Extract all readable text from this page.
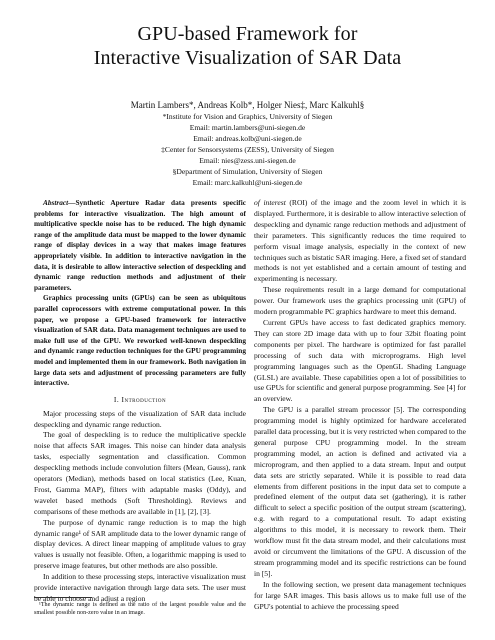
GPU-based Framework for
Interactive Visualization of SAR Data
Martin Lambers*, Andreas Kolb*, Holger Nies‡, Marc Kalkuhl§
*Institute for Vision and Graphics, University of Siegen
Email: martin.lambers@uni-siegen.de
Email: andreas.kolb@uni-siegen.de
‡Center for Sensorsystems (ZESS), University of Siegen
Email: nies@zess.uni-siegen.de
§Department of Simulation, University of Siegen
Email: marc.kalkuhl@uni-siegen.de

Abstract—Synthetic Aperture Radar data presents specific problems for interactive visualization. The high amount of multiplicative speckle noise has to be reduced. The high dynamic range of the amplitude data must be mapped to the lower dynamic range of display devices in a way that makes image features appropriately visible. In addition to interactive navigation in the data, it is desirable to allow interactive selection of despeckling and dynamic range reduction methods and adjustment of their parameters.

Graphics processing units (GPUs) can be seen as ubiquitous parallel coprocessors with extreme computational power. In this paper, we propose a GPU-based framework for interactive visualization of SAR data. Data management techniques are used to make full use of the GPU. We reworked well-known despeckling and dynamic range reduction techniques for the GPU programming model and implemented them in our framework. Both navigation in large data sets and adjustment of processing parameters are fully interactive.

I. Introduction

Major processing steps of the visualization of SAR data include despeckling and dynamic range reduction.

The goal of despeckling is to reduce the multiplicative speckle noise that affects SAR images. This noise can hinder data analysis tasks, especially segmentation and classification. Common despeckling methods include convolution filters (Mean, Gauss), rank operators (Median), methods based on local statistics (Lee, Kuan, Frost, Gamma MAP), filters with adaptable masks (Oddy), and wavelet based methods (Soft Thresholding). Reviews and comparisons of these methods are available in [1], [2], [3].

The purpose of dynamic range reduction is to map the high dynamic range¹ of SAR amplitude data to the lower dynamic range of display devices. A direct linear mapping of amplitude values to gray values is usually not feasible. Often, a logarithmic mapping is used to preserve image features, but other methods are also possible.

In addition to these processing steps, interactive visualization must provide interactive navigation through large data sets. The user must be able to choose and adjust a region

¹The dynamic range is defined as the ratio of the largest possible value and the smallest possible non-zero value in an image.

of interest (ROI) of the image and the zoom level in which it is displayed. Furthermore, it is desirable to allow interactive selection of despeckling and dynamic range reduction methods and adjustment of their parameters. This significantly reduces the time required to perform visual image analysis, especially in the context of new techniques such as bistatic SAR imaging. Here, a fixed set of standard methods is not yet established and a certain amount of testing and experimenting is necessary.

These requirements result in a large demand for computational power. Our framework uses the graphics processing unit (GPU) of modern programmable PC graphics hardware to meet this demand.

Current GPUs have access to fast dedicated graphics memory. They can store 2D image data with up to four 32bit floating point components per pixel. The hardware is optimized for fast parallel processing of such data with microprograms. High level programming languages such as the OpenGL Shading Language (GLSL) are available. These capabilities open a lot of possibilities to use GPUs for scientific and general purpose programming. See [4] for an overview.

The GPU is a parallel stream processor [5]. The corresponding programming model is highly optimized for hardware accelerated parallel data processing, but it is very restricted when compared to the general purpose CPU programming model. In the stream programming model, an action is defined and activated via a microprogram, and then applied to a data stream. Input and output data sets are strictly separated. While it is possible to read data elements from different positions in the input data set to compute a predefined element of the output data set (gathering), it is rather difficult to select a specific position of the output stream (scattering), e.g. with regard to a computational result. To adapt existing algorithms to this model, it is necessary to rework them. Their workflow must fit the data stream model, and their calculations must avoid or circumvent the limitations of the GPU. A discussion of the stream programming model and its specific restrictions can be found in [5].

In the following section, we present data management techniques for large SAR images. This basis allows us to make full use of the GPU's potential to achieve the processing speed
